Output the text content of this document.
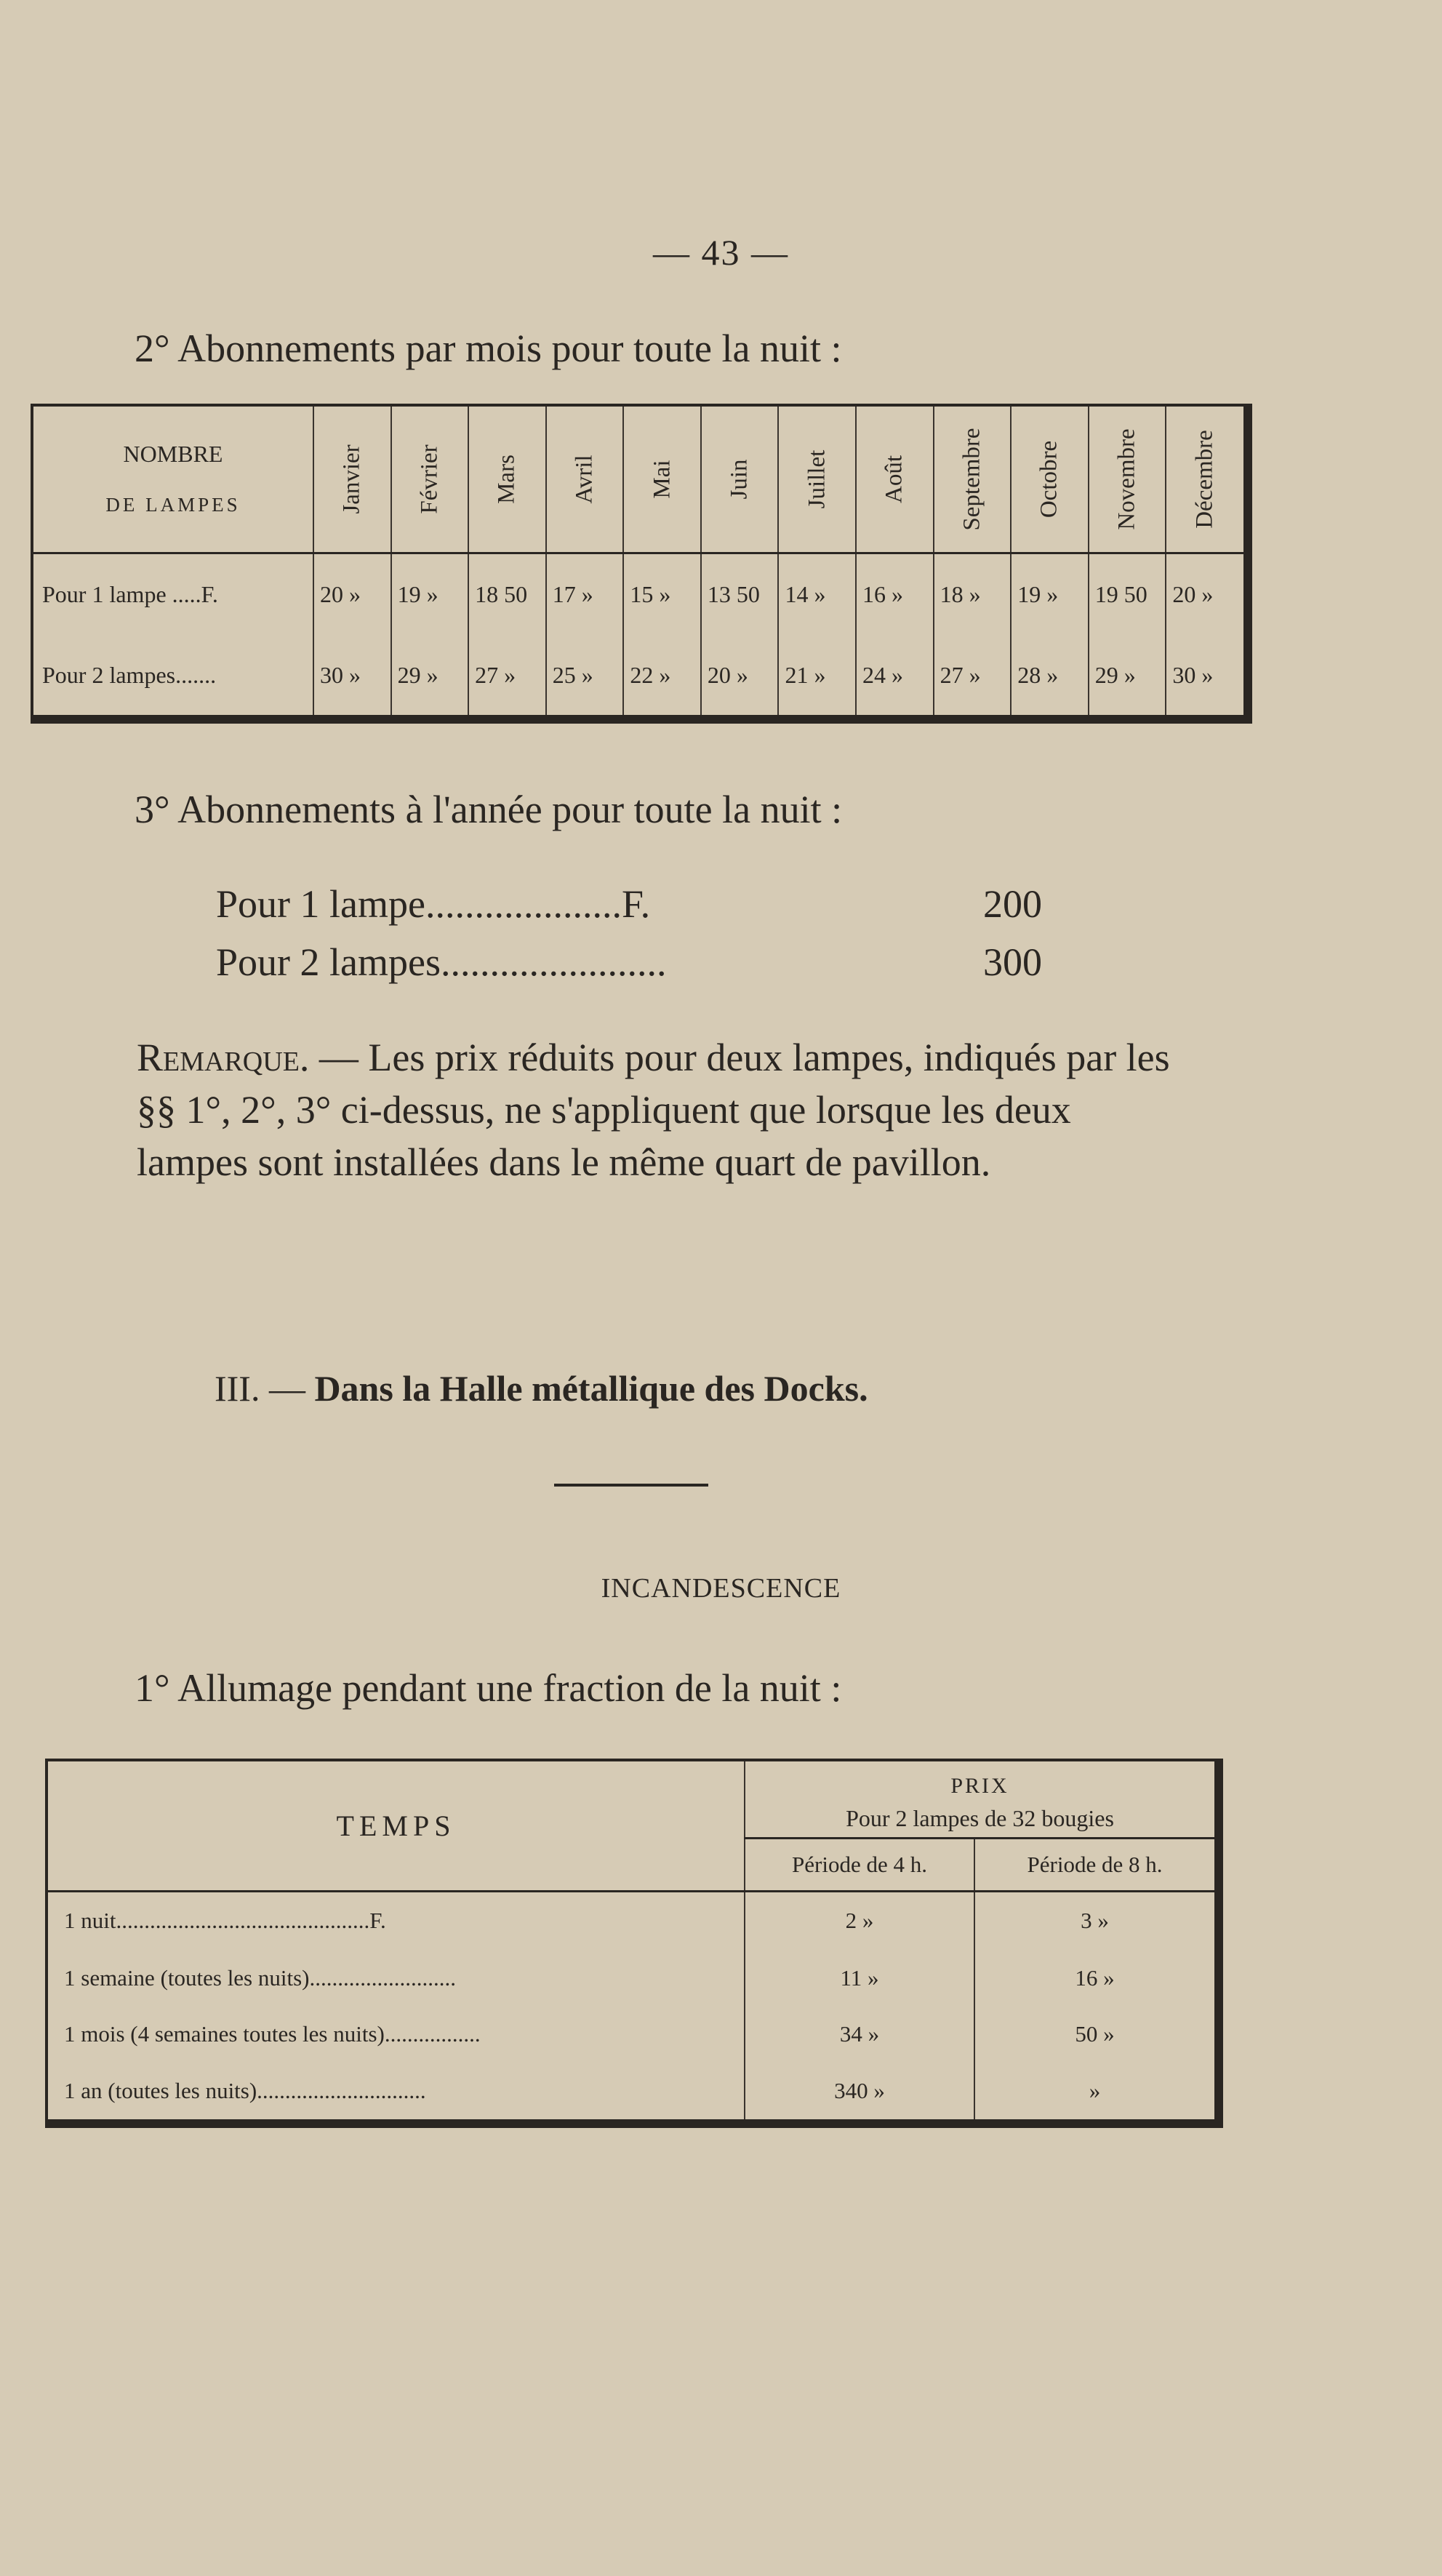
— 43 —
2° Abonnements par mois pour toute la nuit :
NOMBRE
DE LAMPES	Janvier	Février	Mars	Avril	Mai	Juin	Juillet	Août	Septembre	Octobre	Novembre	Décembre

Pour 1 lampe .....F.	20 »	19 »	18 50	17 »	15 »	13 50	14 »	16 »	18 »	19 »	19 50	20 »
Pour 2 lampes.......	30 »	29 »	27 »	25 »	22 »	20 »	21 »	24 »	27 »	28 »	29 »	30 »
3° Abonnements à l'année pour toute la nuit :
Pour 1 lampe....................F.	200
Pour 2 lampes.......................	300
Remarque. — Les prix réduits pour deux lampes, indiqués par les §§ 1°, 2°, 3° ci-dessus, ne s'appliquent que lorsque les deux lampes sont installées dans le même quart de pavillon.
III. — Dans la Halle métallique des Docks.
INCANDESCENCE
1° Allumage pendant une fraction de la nuit :
TEMPS	PRIX
Pour 2 lampes de 32 bougies	

	Période de 4 h.	Période de 8 h.
1 nuit.............................................F.	2 »	3 »
1 semaine (toutes les nuits)..........................	11 »	16 »
1 mois (4 semaines toutes les nuits).................	34 »	50 »
1 an (toutes les nuits)..............................	340 »	»
